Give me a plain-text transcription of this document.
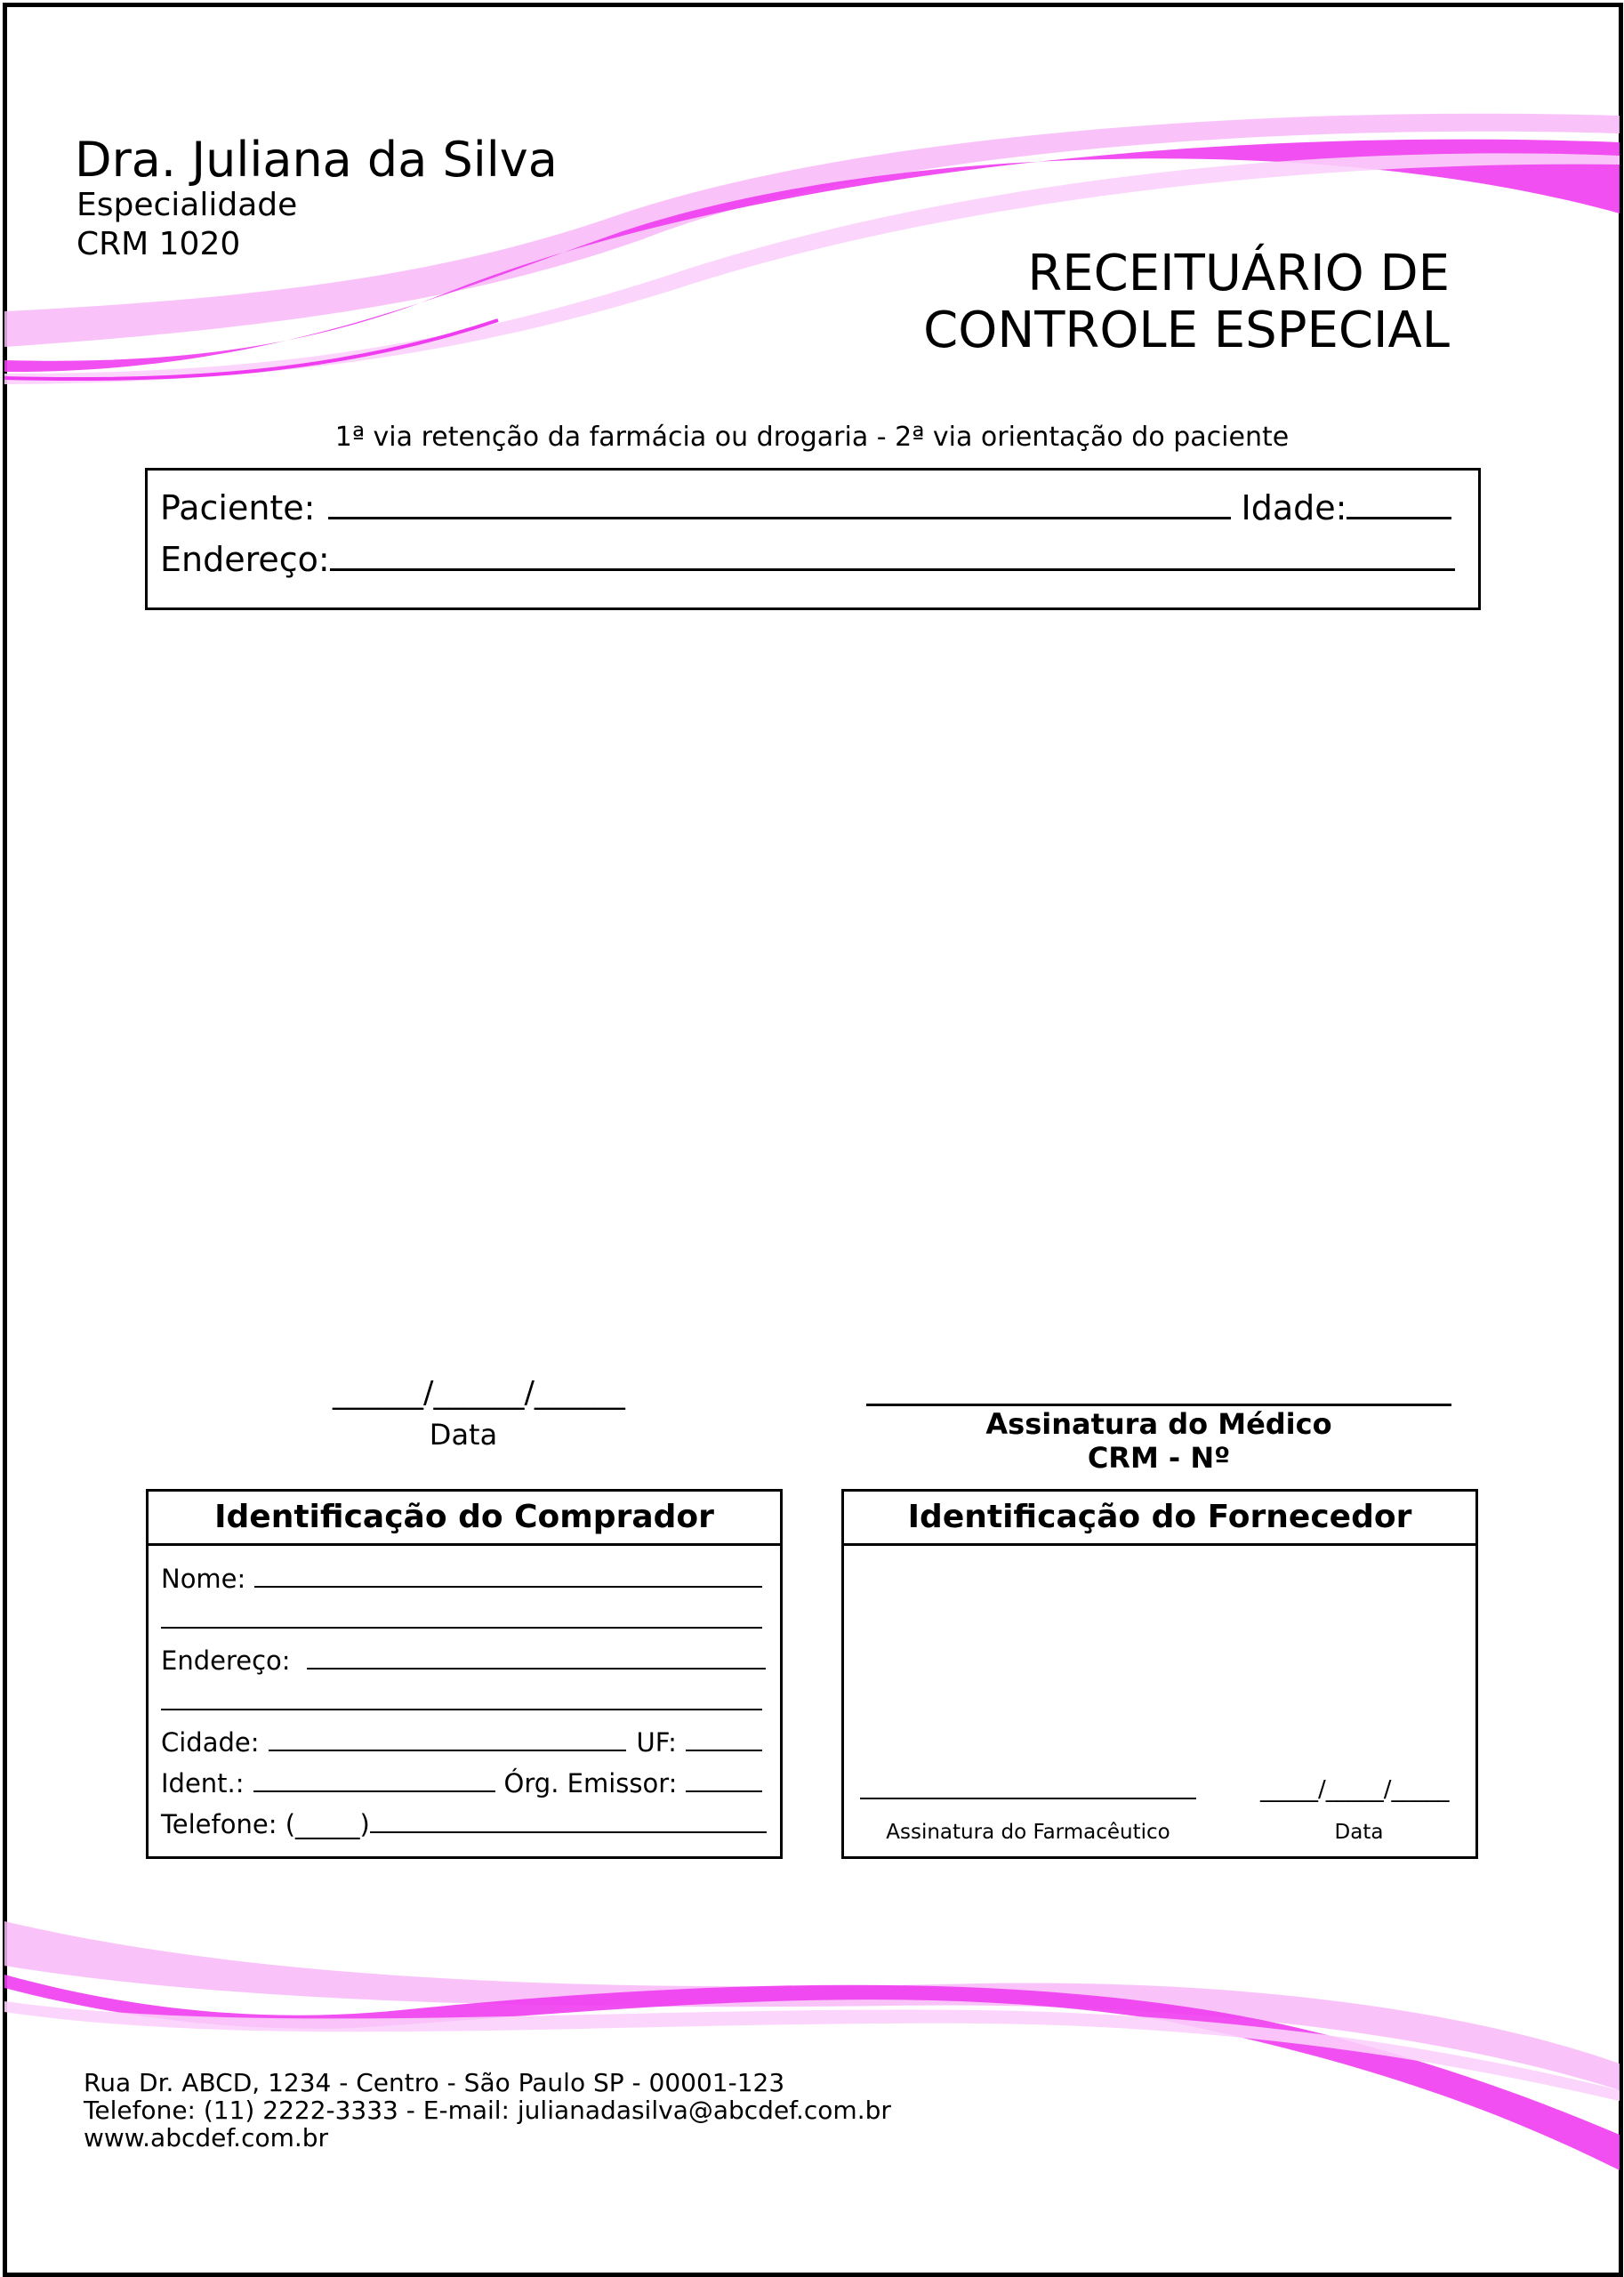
Dra. Juliana da Silva
Especialidade
CRM 1020
RECEITUÁRIO DE
CONTROLE ESPECIAL
1ª via retenção da farmácia ou drogaria - 2ª via orientação do paciente
Paciente:	Idade:
Endereço:
______/______/______
Data	Assinatura do Médico
CRM - Nº
Identificação do Comprador
Nome:
Endereço:
Cidade:	UF:
Ident.:	Órg. Emissor:
Telefone: (_____)
Identificação do Fornecedor
Assinatura do Farmacêutico
_____/_____/_____
Data
Rua Dr. ABCD, 1234 - Centro - São Paulo SP - 00001-123
Telefone: (11) 2222-3333 - E-mail: julianadasilva@abcdef.com.br
www.abcdef.com.br
